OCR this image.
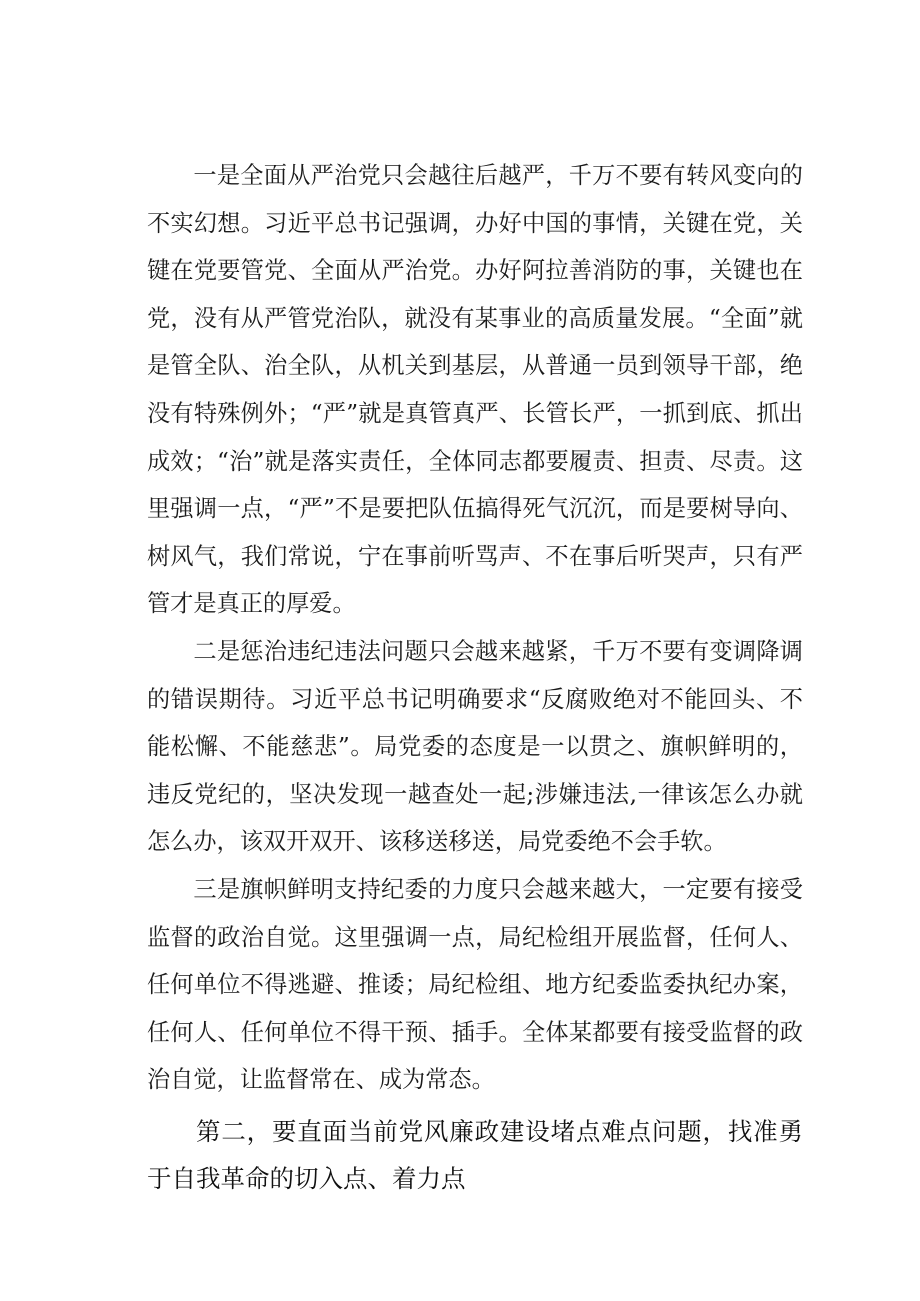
一是全面从严治党只会越往后越严，千万不要有转风变向的不实幻想。习近平总书记强调，办好中国的事情，关键在党，关键在党要管党、全面从严治党。办好阿拉善消防的事，关键也在党，没有从严管党治队，就没有某事业的高质量发展。“全面”就是管全队、治全队，从机关到基层，从普通一员到领导干部，绝没有特殊例外；“严”就是真管真严、长管长严，一抓到底、抓出成效；“治”就是落实责任，全体同志都要履责、担责、尽责。这里强调一点，“严”不是要把队伍搞得死气沉沉，而是要树导向、树风气，我们常说，宁在事前听骂声、不在事后听哭声，只有严管才是真正的厚爱。

二是惩治违纪违法问题只会越来越紧，千万不要有变调降调的错误期待。习近平总书记明确要求“反腐败绝对不能回头、不能松懈、不能慈悲”。局党委的态度是一以贯之、旗帜鲜明的，违反党纪的，坚决发现一越查处一起;涉嫌违法,一律该怎么办就怎么办，该双开双开、该移送移送，局党委绝不会手软。

三是旗帜鲜明支持纪委的力度只会越来越大，一定要有接受监督的政治自觉。这里强调一点，局纪检组开展监督，任何人、任何单位不得逃避、推诿；局纪检组、地方纪委监委执纪办案，任何人、任何单位不得干预、插手。全体某都要有接受监督的政治自觉，让监督常在、成为常态。

第二，要直面当前党风廉政建设堵点难点问题，找准勇于自我革命的切入点、着力点
